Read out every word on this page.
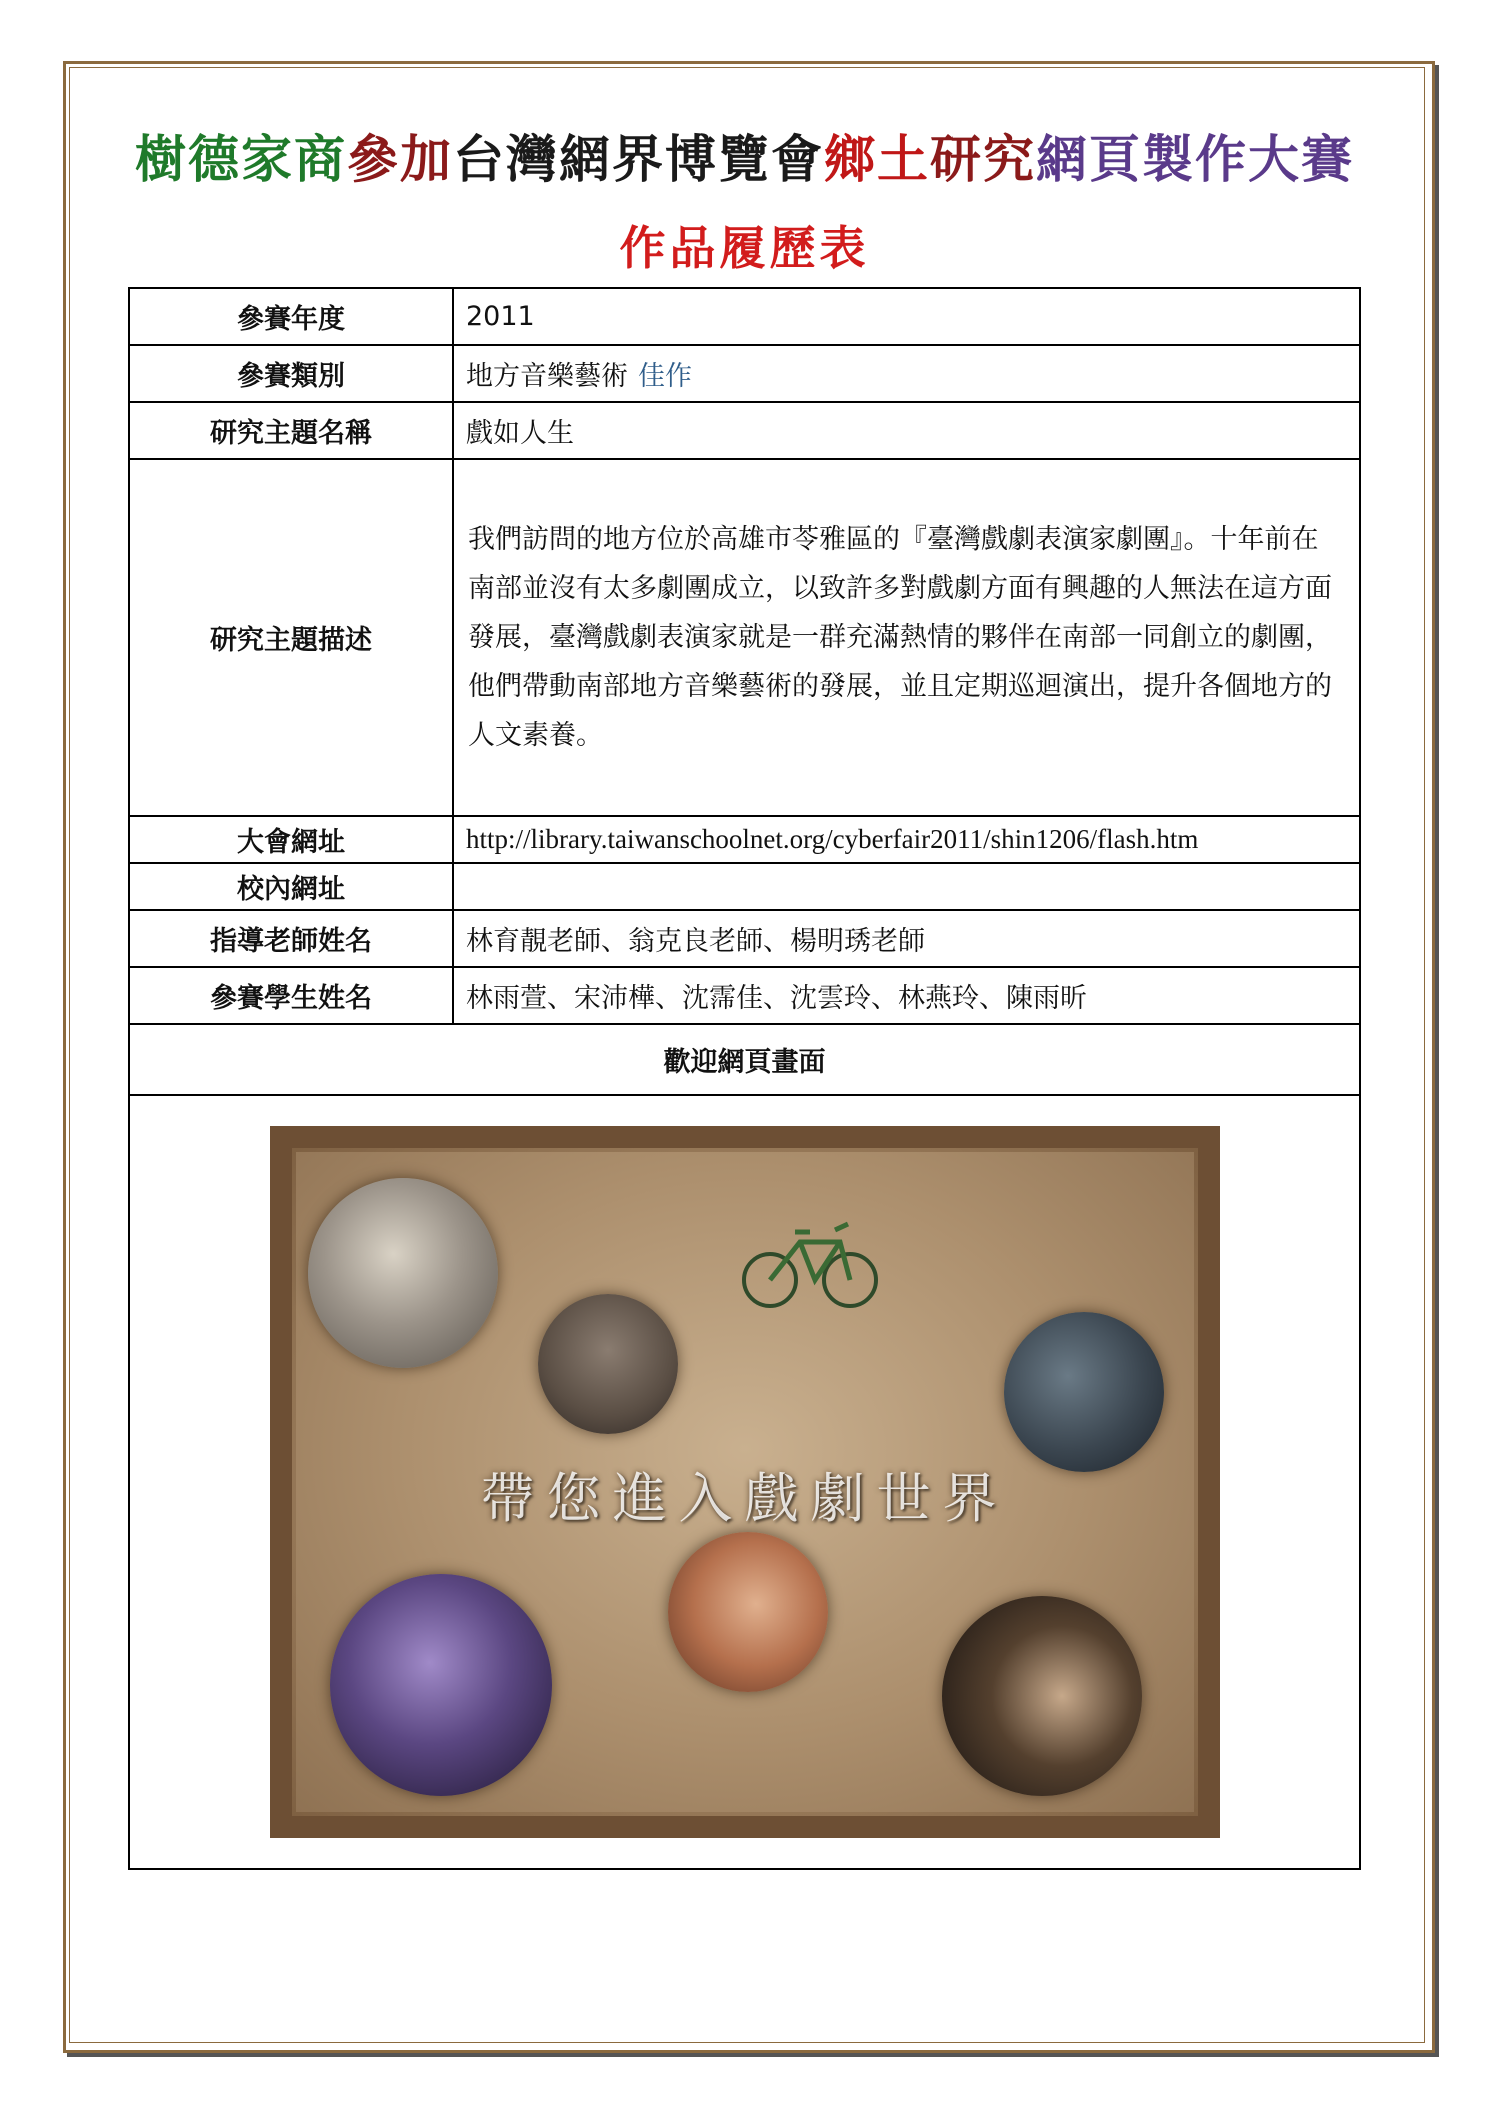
樹德家商參加台灣網界博覽會鄉土研究網頁製作大賽
作品履歷表
參賽年度	2011
參賽類別	地方音樂藝術 佳作
研究主題名稱	戲如人生
研究主題描述	我們訪問的地方位於高雄市苓雅區的『臺灣戲劇表演家劇團』。十年前在南部並沒有太多劇團成立，以致許多對戲劇方面有興趣的人無法在這方面發展，臺灣戲劇表演家就是一群充滿熱情的夥伴在南部一同創立的劇團，他們帶動南部地方音樂藝術的發展，並且定期巡迴演出，提升各個地方的人文素養。
大會網址	http://library.taiwanschoolnet.org/cyberfair2011/shin1206/flash.htm
校內網址	
指導老師姓名	林育靚老師、翁克良老師、楊明琇老師
參賽學生姓名	林雨萱、宋沛樺、沈霈佳、沈雲玲、林燕玲、陳雨昕
歡迎網頁畫面	

帶您進入戲劇世界	
